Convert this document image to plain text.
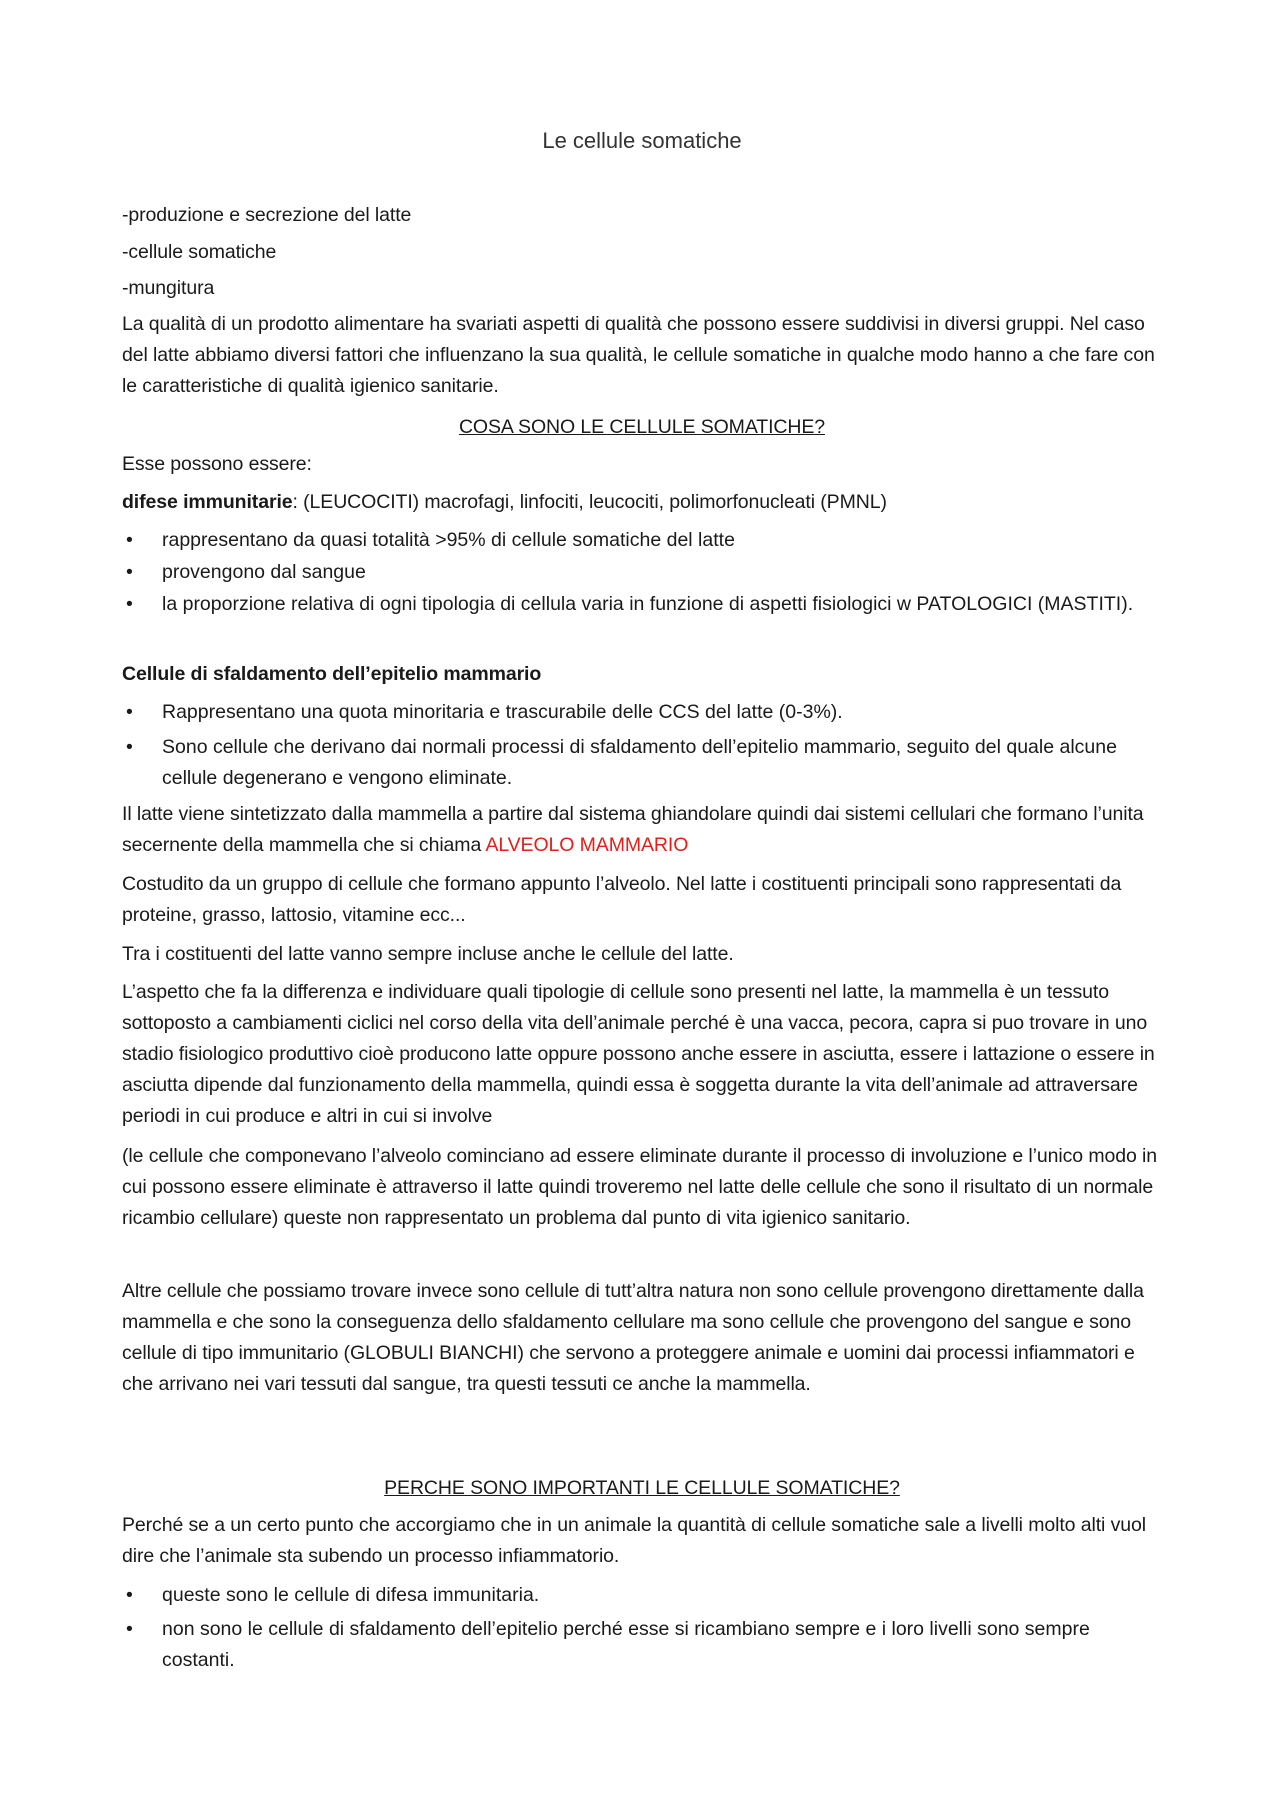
Le cellule somatiche

-produzione e secrezione del latte

-cellule somatiche

-mungitura

La qualità di un prodotto alimentare ha svariati aspetti di qualità che possono essere suddivisi in diversi gruppi. Nel caso del latte abbiamo diversi fattori che influenzano la sua qualità, le cellule somatiche in qualche modo hanno a che fare con le caratteristiche di qualità igienico sanitarie.

COSA SONO LE CELLULE SOMATICHE?

Esse possono essere:

difese immunitarie: (LEUCOCITI) macrofagi, linfociti, leucociti, polimorfonucleati (PMNL)

• rappresentano da quasi totalità >95% di cellule somatiche del latte
• provengono dal sangue
• la proporzione relativa di ogni tipologia di cellula varia in funzione di aspetti fisiologici w PATOLOGICI (MASTITI).

Cellule di sfaldamento dell’epitelio mammario

• Rappresentano una quota minoritaria e trascurabile delle CCS del latte (0-3%).
• Sono cellule che derivano dai normali processi di sfaldamento dell’epitelio mammario, seguito del quale alcune cellule degenerano e vengono eliminate.

Il latte viene sintetizzato dalla mammella a partire dal sistema ghiandolare quindi dai sistemi cellulari che formano l’unita secernente della mammella che si chiama ALVEOLO MAMMARIO

Costudito da un gruppo di cellule che formano appunto l’alveolo. Nel latte i costituenti principali sono rappresentati da proteine, grasso, lattosio, vitamine ecc...

Tra i costituenti del latte vanno sempre incluse anche le cellule del latte.

L’aspetto che fa la differenza e individuare quali tipologie di cellule sono presenti nel latte, la mammella è un tessuto sottoposto a cambiamenti ciclici nel corso della vita dell’animale perché è una vacca, pecora, capra si puo trovare in uno stadio fisiologico produttivo cioè producono latte oppure possono anche essere in asciutta, essere i lattazione o essere in asciutta dipende dal funzionamento della mammella, quindi essa è soggetta durante la vita dell’animale ad attraversare periodi in cui produce e altri in cui si involve

(le cellule che componevano l’alveolo cominciano ad essere eliminate durante il processo di involuzione e l’unico modo in cui possono essere eliminate è attraverso il latte quindi troveremo nel latte delle cellule che sono il risultato di un normale ricambio cellulare) queste non rappresentato un problema dal punto di vita igienico sanitario.

Altre cellule che possiamo trovare invece sono cellule di tutt’altra natura non sono cellule provengono direttamente dalla mammella e che sono la conseguenza dello sfaldamento cellulare ma sono cellule che provengono del sangue e sono cellule di tipo immunitario (GLOBULI BIANCHI) che servono a proteggere animale e uomini dai processi infiammatori e che arrivano nei vari tessuti dal sangue, tra questi tessuti ce anche la mammella.

PERCHE SONO IMPORTANTI LE CELLULE SOMATICHE?

Perché se a un certo punto che accorgiamo che in un animale la quantità di cellule somatiche sale a livelli molto alti vuol dire che l’animale sta subendo un processo infiammatorio.

• queste sono le cellule di difesa immunitaria.
• non sono le cellule di sfaldamento dell’epitelio perché esse si ricambiano sempre e i loro livelli sono sempre costanti.
